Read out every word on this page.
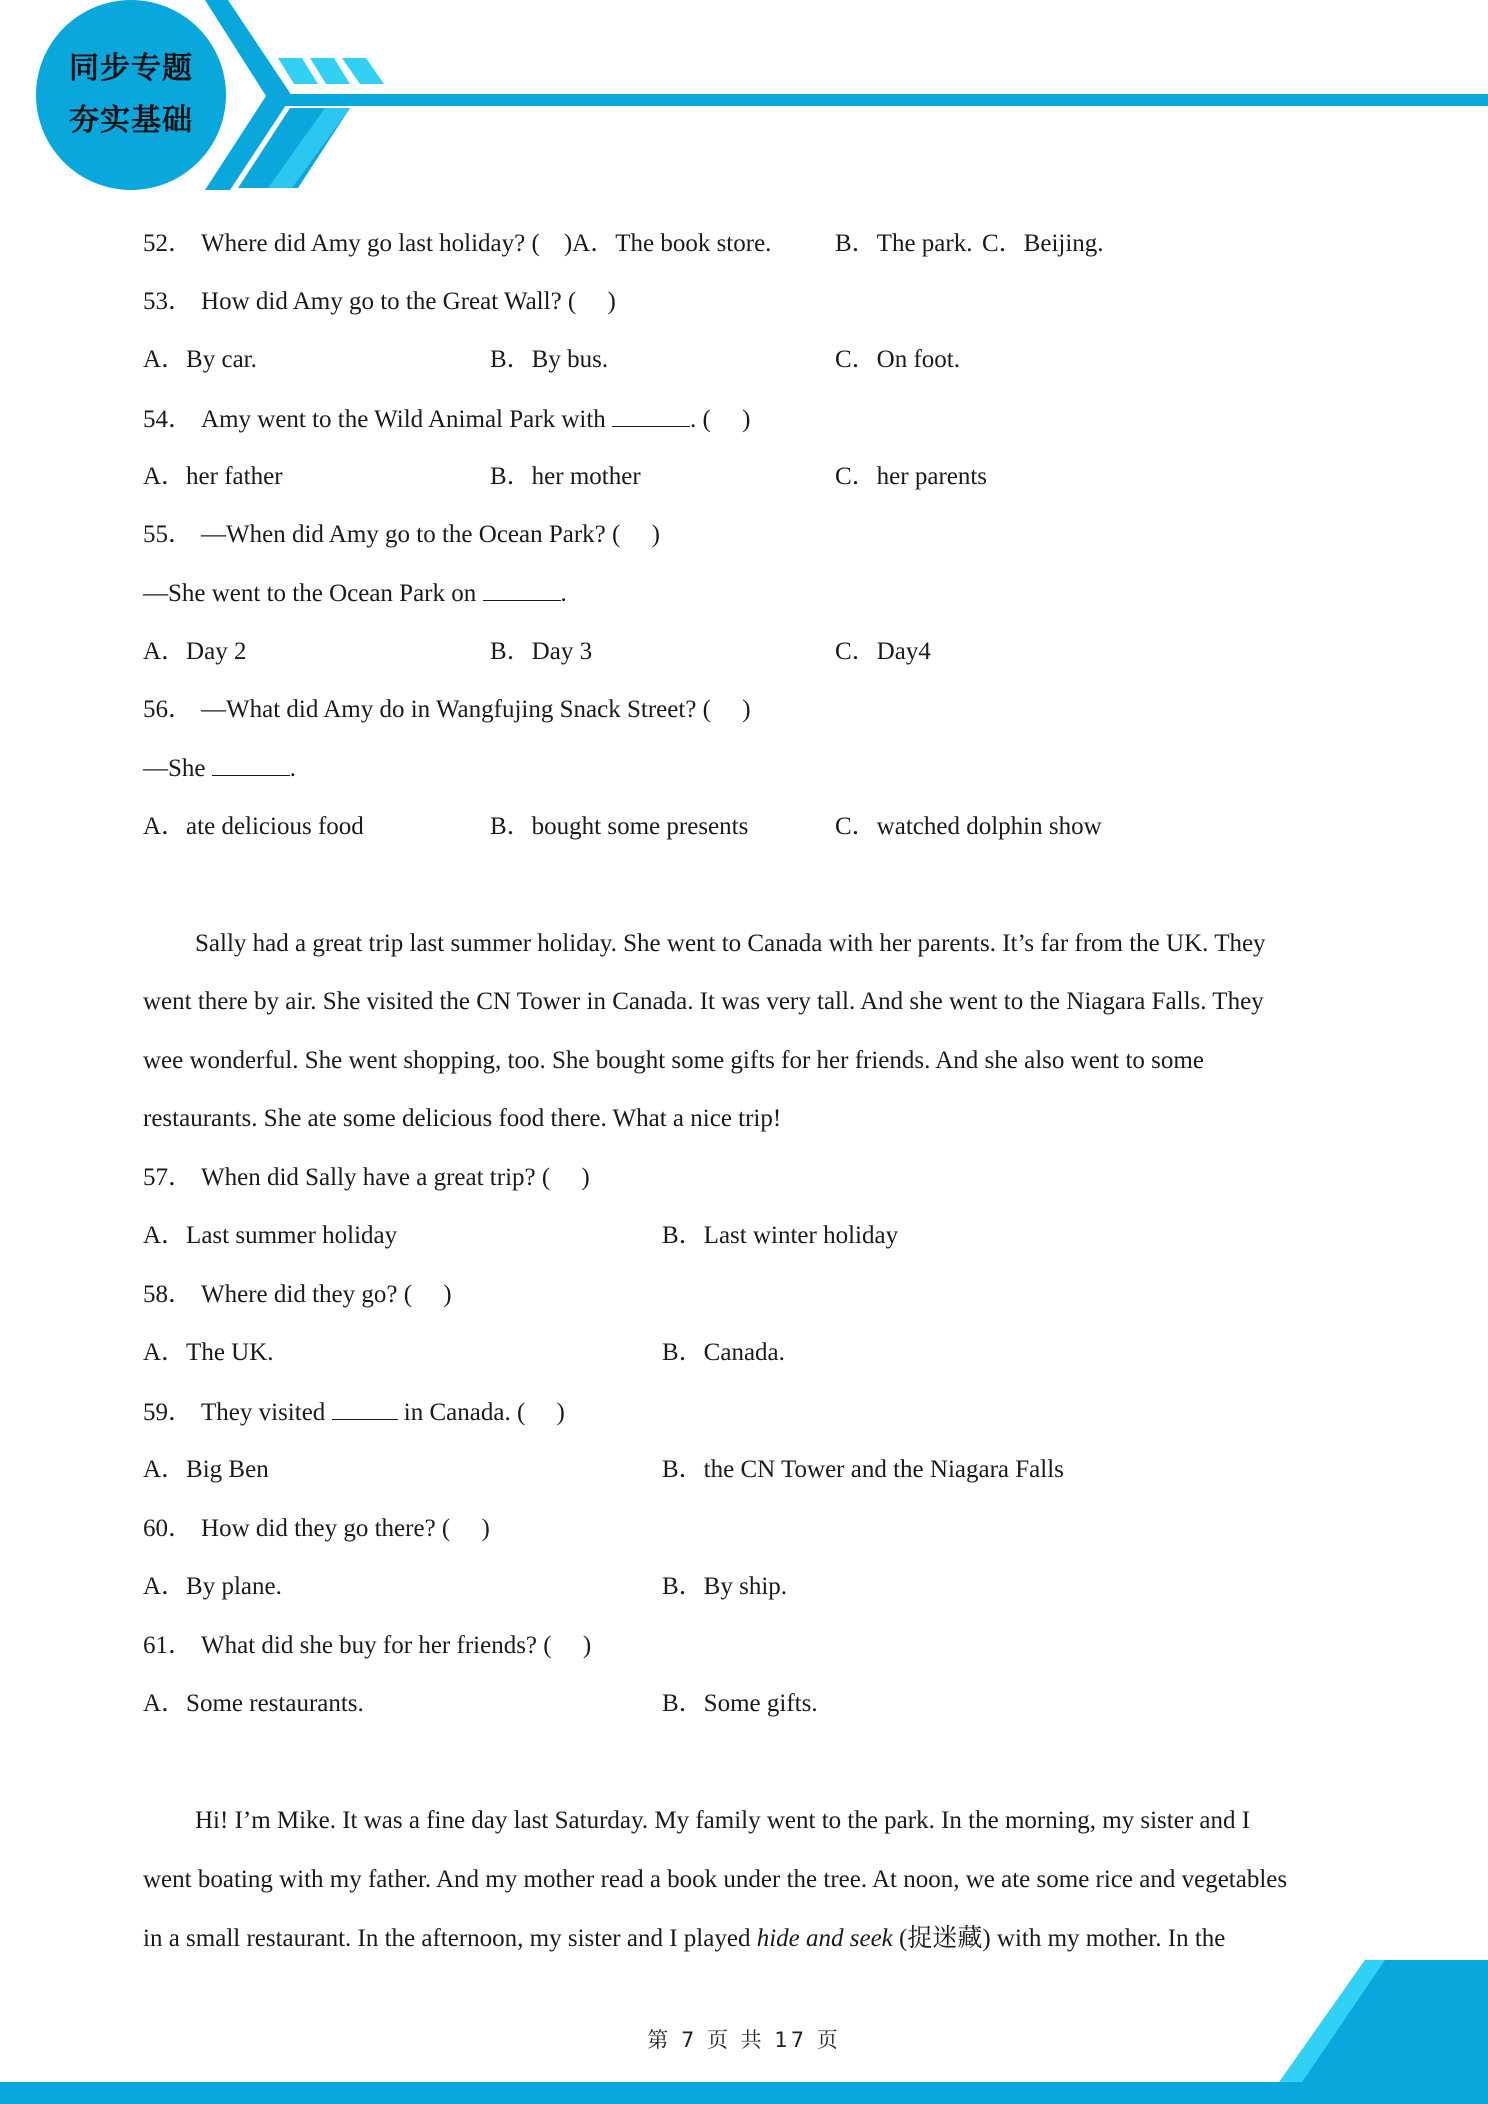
同步专题
夯实基础
52． Where did Amy go last holiday? ( )A．The book store.	B．The park. C．Beijing.
53． How did Amy go to the Great Wall? (　 )
A．By car.	B．By bus.	C．On foot.
54． Amy went to the Wild Animal Park with	. (　 )
A．her father	B．her mother	C．her parents
55． —When did Amy go to the Ocean Park? (　 )
—She went to the Ocean Park on	.
A．Day 2	B．Day 3	C．Day4
56． —What did Amy do in Wangfujing Snack Street? (　 )
—She	.
A．ate delicious food	B．bought some presents	C．watched dolphin show
Sally had a great trip last summer holiday. She went to Canada with her parents. It’s far from the UK. They
went there by air. She visited the CN Tower in Canada. It was very tall. And she went to the Niagara Falls. They
wee wonderful. She went shopping, too. She bought some gifts for her friends. And she also went to some
restaurants. She ate some delicious food there. What a nice trip!
57． When did Sally have a great trip? (　 )
A．Last summer holiday	B．Last winter holiday
58． Where did they go? (　 )
A．The UK.	B．Canada.
59． They visited	in Canada. (　 )
A．Big Ben	B．the CN Tower and the Niagara Falls
60． How did they go there? (　 )
A．By plane.	B．By ship.
61． What did she buy for her friends? (　 )
A．Some restaurants.	B．Some gifts.
Hi! I’m Mike. It was a fine day last Saturday. My family went to the park. In the morning, my sister and I
went boating with my father. And my mother read a book under the tree. At noon, we ate some rice and vegetables
in a small restaurant. In the afternoon, my sister and I played hide and seek (捉迷藏) with my mother. In the
第 7 页 共 17 页
